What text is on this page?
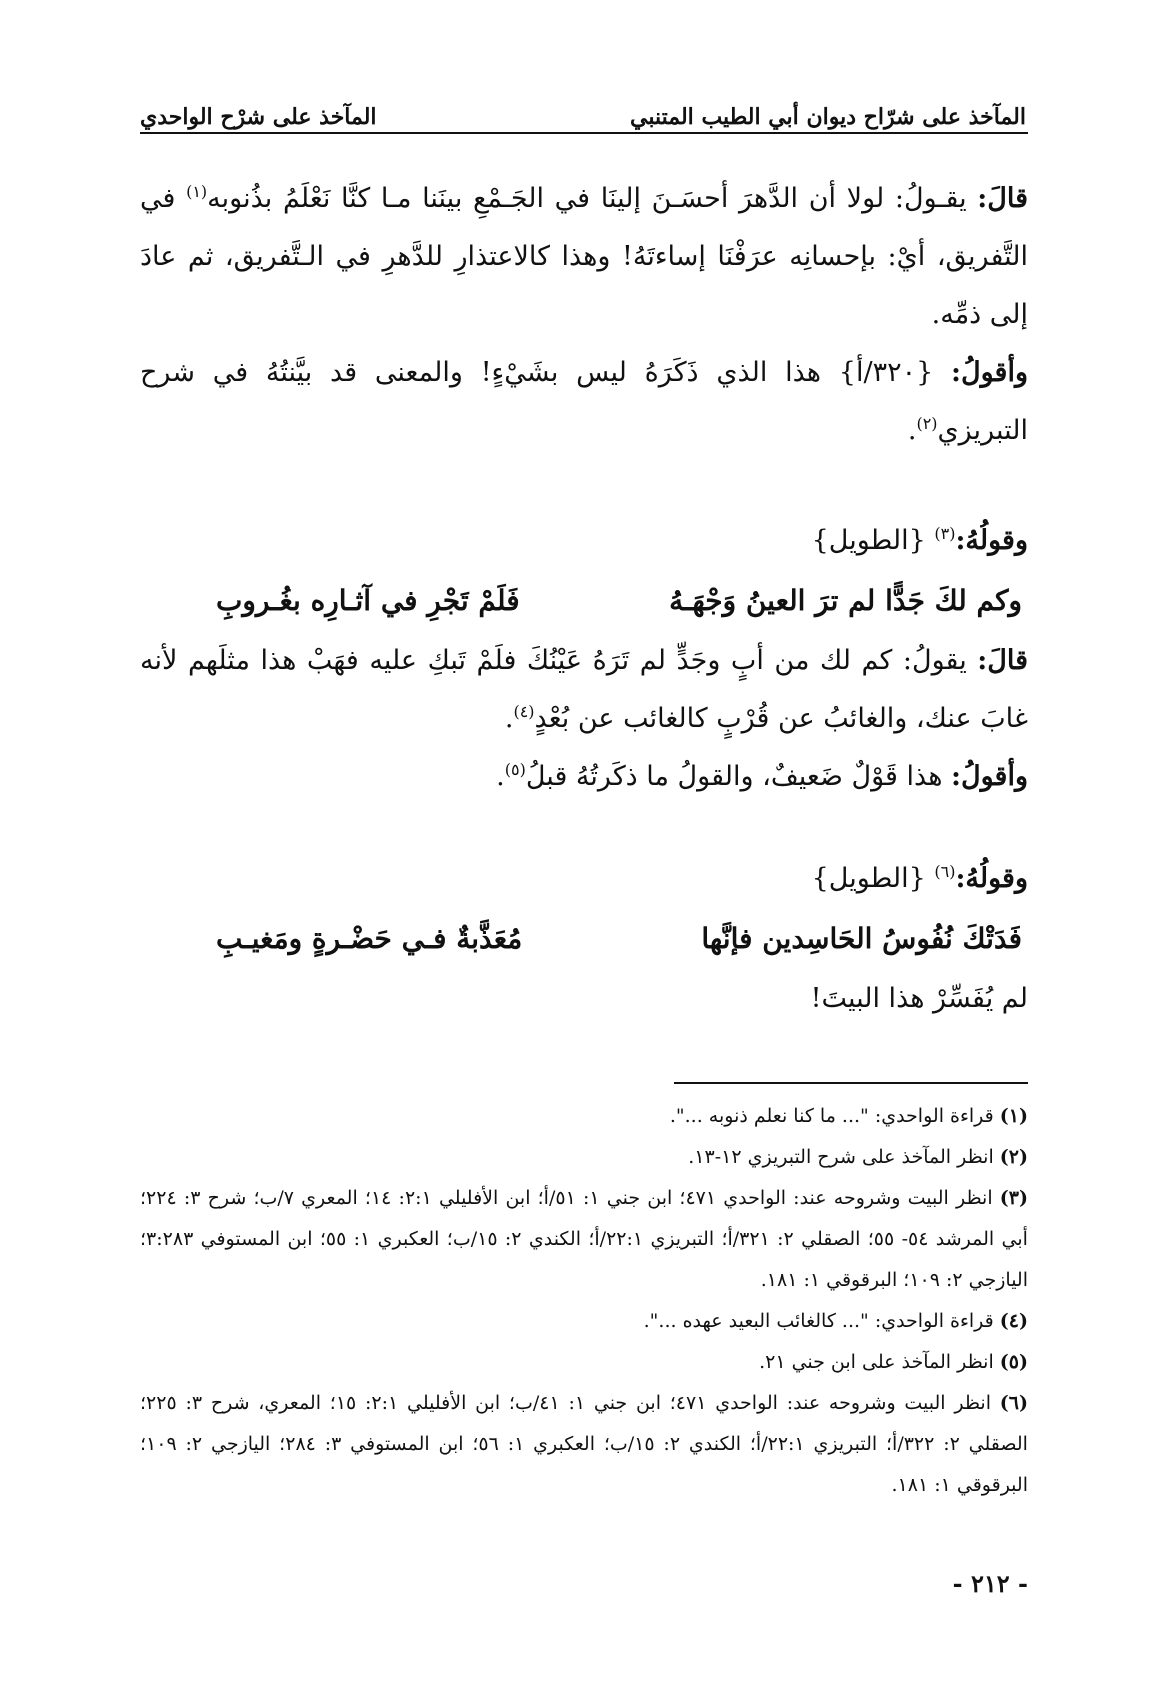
المآخذ على شرّاح ديوان أبي الطيب المتنبي
المآخذ على شرْح الواحدي

قالَ: يقـولُ: لولا أن الدَّهرَ أحسَـنَ إلينَا في الجَـمْعِ بينَنا مـا كنَّا نَعْلَمُ بذُنوبه$^{(١)}$ في التَّفريق، أيْ: بإحسانِه عرَفْنَا إساءتَهُ! وهذا كالاعتذارِ للدَّهرِ في الـتَّفريق، ثم عادَ إلى ذمِّه.

وأقولُ: {٣٢٠/أ} هذا الذي ذَكَرَهُ ليس بشَيْءٍ! والمعنى قد بيَّنتُهُ في شرح التبريزي$^{(٢)}$.

وقولُهُ:$^{(٣)}$ {الطويل}

وكم لكَ جَدًّا لم ترَ العينُ وَجْهَـهُ
فَلَمْ تَجْرِ في آثـارِه بغُـروبِ

قالَ: يقولُ: كم لك من أبٍ وجَدٍّ لم تَرَهُ عَيْنُكَ فلَمْ تَبكِ عليه فهَبْ هذا مثلَهم لأنه غابَ عنك، والغائبُ عن قُرْبٍ كالغائب عن بُعْدٍ$^{(٤)}$.

وأقولُ: هذا قَوْلٌ ضَعيفٌ، والقولُ ما ذكَرتُهُ قبلُ$^{(٥)}$.

وقولُهُ:$^{(٦)}$ {الطويل}

فَدَتْكَ نُفُوسُ الحَاسِدين فإنَّها
مُعَذَّبةٌ فـي حَضْـرةٍ ومَغيـبِ

لم يُفَسِّرْ هذا البيتَ!

(١) قراءة الواحدي: "... ما كنا نعلم ذنوبه ...".

(٢) انظر المآخذ على شرح التبريزي ١٢-١٣.

(٣) انظر البيت وشروحه عند: الواحدي ٤٧١؛ ابن جني ١: ٥١/أ؛ ابن الأفليلي ٢:١: ١٤؛ المعري ٧/ب؛ شرح ٣: ٢٢٤؛ أبي المرشد ٥٤- ٥٥؛ الصقلي ٢: ٣٢١/أ؛ التبريزي ٢٢:١/أ؛ الكندي ٢: ١٥/ب؛ العكبري ١: ٥٥؛ ابن المستوفي ٣:٢٨٣؛ اليازجي ٢: ١٠٩؛ البرقوقي ١: ١٨١.

(٤) قراءة الواحدي: "... كالغائب البعيد عهده ...".

(٥) انظر المآخذ على ابن جني ٢١.

(٦) انظر البيت وشروحه عند: الواحدي ٤٧١؛ ابن جني ١: ٤١/ب؛ ابن الأفليلي ٢:١: ١٥؛ المعري، شرح ٣: ٢٢٥؛ الصقلي ٢: ٣٢٢/أ؛ التبريزي ٢٢:١/أ؛ الكندي ٢: ١٥/ب؛ العكبري ١: ٥٦؛ ابن المستوفي ٣: ٢٨٤؛ اليازجي ٢: ١٠٩؛ البرقوقي ١: ١٨١.

- ٢١٢ -
